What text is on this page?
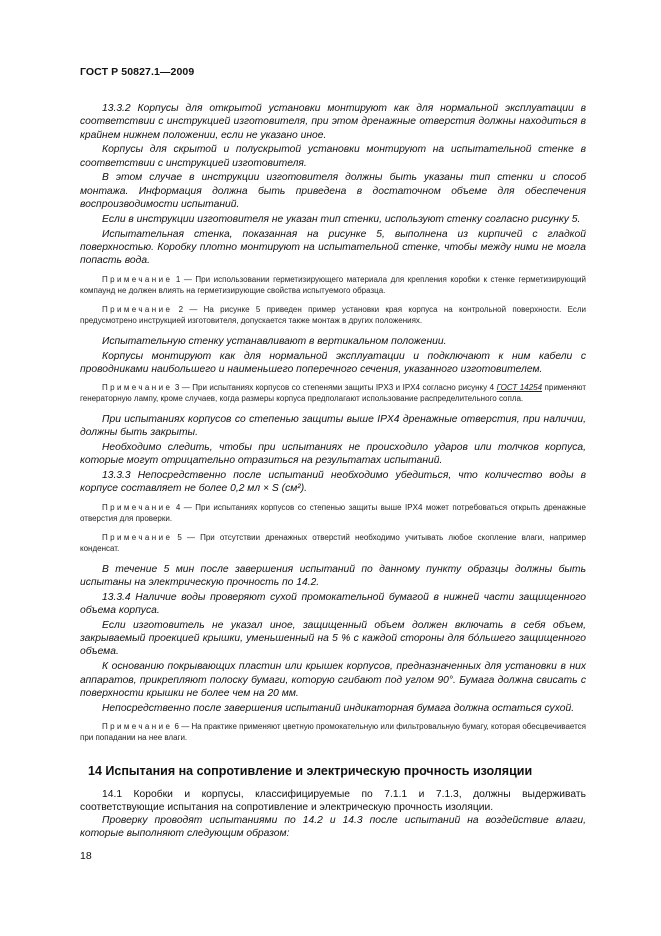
ГОСТ Р 50827.1—2009

13.3.2 Корпусы для открытой установки монтируют как для нормальной эксплуатации в соответствии с инструкцией изготовителя, при этом дренажные отверстия должны находиться в крайнем нижнем положении, если не указано иное.

Корпусы для скрытой и полускрытой установки монтируют на испытательной стенке в соответствии с инструкцией изготовителя.

В этом случае в инструкции изготовителя должны быть указаны тип стенки и способ монтажа. Информация должна быть приведена в достаточном объеме для обеспечения воспроизводимости испытаний.

Если в инструкции изготовителя не указан тип стенки, используют стенку согласно рисунку 5.

Испытательная стенка, показанная на рисунке 5, выполнена из кирпичей с гладкой поверхностью. Коробку плотно монтируют на испытательной стенке, чтобы между ними не могла попасть вода.

Примечание 1 — При использовании герметизирующего материала для крепления коробки к стенке герметизирующий компаунд не должен влиять на герметизирующие свойства испытуемого образца.

Примечание 2 — На рисунке 5 приведен пример установки края корпуса на контрольной поверхности. Если предусмотрено инструкцией изготовителя, допускается также монтаж в других положениях.

Испытательную стенку устанавливают в вертикальном положении.

Корпусы монтируют как для нормальной эксплуатации и подключают к ним кабели с проводниками наибольшего и наименьшего поперечного сечения, указанного изготовителем.

Примечание 3 — При испытаниях корпусов со степенями защиты IPX3 и IPX4 согласно рисунку 4 ГОСТ 14254 применяют генераторную лампу, кроме случаев, когда размеры корпуса предполагают использование распределительного сопла.

При испытаниях корпусов со степенью защиты выше IPX4 дренажные отверстия, при наличии, должны быть закрыты.

Необходимо следить, чтобы при испытаниях не происходило ударов или толчков корпуса, которые могут отрицательно отразиться на результатах испытаний.

13.3.3 Непосредственно после испытаний необходимо убедиться, что количество воды в корпусе составляет не более 0,2 мл × S (см²).

Примечание 4 — При испытаниях корпусов со степенью защиты выше IPX4 может потребоваться открыть дренажные отверстия для проверки.

Примечание 5 — При отсутствии дренажных отверстий необходимо учитывать любое скопление влаги, например конденсат.

В течение 5 мин после завершения испытаний по данному пункту образцы должны быть испытаны на электрическую прочность по 14.2.

13.3.4 Наличие воды проверяют сухой промокательной бумагой в нижней части защищенного объема корпуса.

Если изготовитель не указал иное, защищенный объем должен включать в себя объем, закрываемый проекцией крышки, уменьшенный на 5 % с каждой стороны для бо́льшего защищенного объема.

К основанию покрывающих пластин или крышек корпусов, предназначенных для установки в них аппаратов, прикрепляют полоску бумаги, которую сгибают под углом 90°. Бумага должна свисать с поверхности крышки не более чем на 20 мм.

Непосредственно после завершения испытаний индикаторная бумага должна остаться сухой.

Примечание 6 — На практике применяют цветную промокательную или фильтровальную бумагу, которая обесцвечивается при попадании на нее влаги.

14 Испытания на сопротивление и электрическую прочность изоляции

14.1 Коробки и корпусы, классифицируемые по 7.1.1 и 7.1.3, должны выдерживать соответствующие испытания на сопротивление и электрическую прочность изоляции.

Проверку проводят испытаниями по 14.2 и 14.3 после испытаний на воздействие влаги, которые выполняют следующим образом:

18
